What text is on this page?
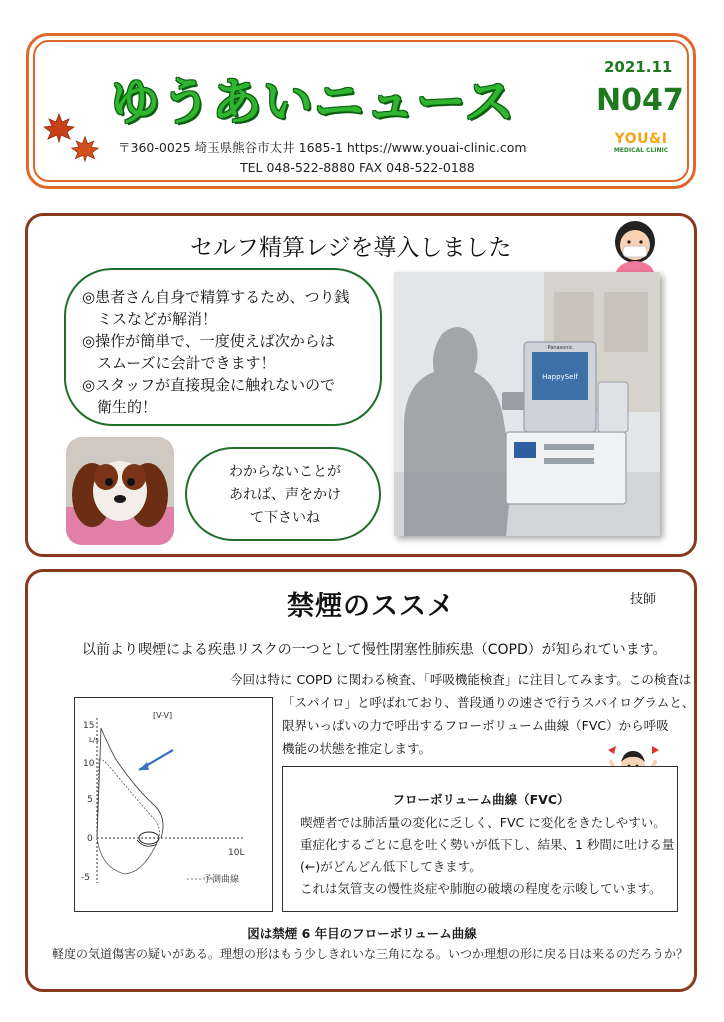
ゆうあいニュース
2021.11
N047
〒360-0025 埼玉県熊谷市太井 1685-1 https://www.youai-clinic.com
TEL 048-522-8880 FAX 048-522-0188
YOU&I
MEDICAL CLINIC
セルフ精算レジを導入しました
◎患者さん自身で精算するため、つり銭
　ミスなどが解消！
◎操作が簡単で、一度使えば次からは
　スムーズに会計できます！
◎スタッフが直接現金に触れないので
　衛生的！
わからないことが
あれば、声をかけ
て下さいね
HappySelf
Panasonic
禁煙のススメ	技師
以前より喫煙による疾患リスクの一つとして慢性閉塞性肺疾患（COPD）が知られています。
今回は特に COPD に関わる検査、「呼吸機能検査」に注目してみます。この検査は
「スパイロ」と呼ばれており、普段通りの速さで行うスパイログラムと、
限界いっぱいの力で呼出するフローボリューム曲線（FVC）から呼吸
機能の状態を推定します。
15
10
5
0
-5
L/s
[V-V]
10L
予測曲線
フローボリューム曲線（FVC）
喫煙者では肺活量の変化に乏しく、FVC に変化をきたしやすい。
重症化するごとに息を吐く勢いが低下し、結果、1 秒間に吐ける量
(←)がどんどん低下してきます。
これは気管支の慢性炎症や肺胞の破壊の程度を示唆しています。
図は禁煙 6 年目のフローボリューム曲線
軽度の気道傷害の疑いがある。理想の形はもう少しきれいな三角になる。いつか理想の形に戻る日は来るのだろうか？
